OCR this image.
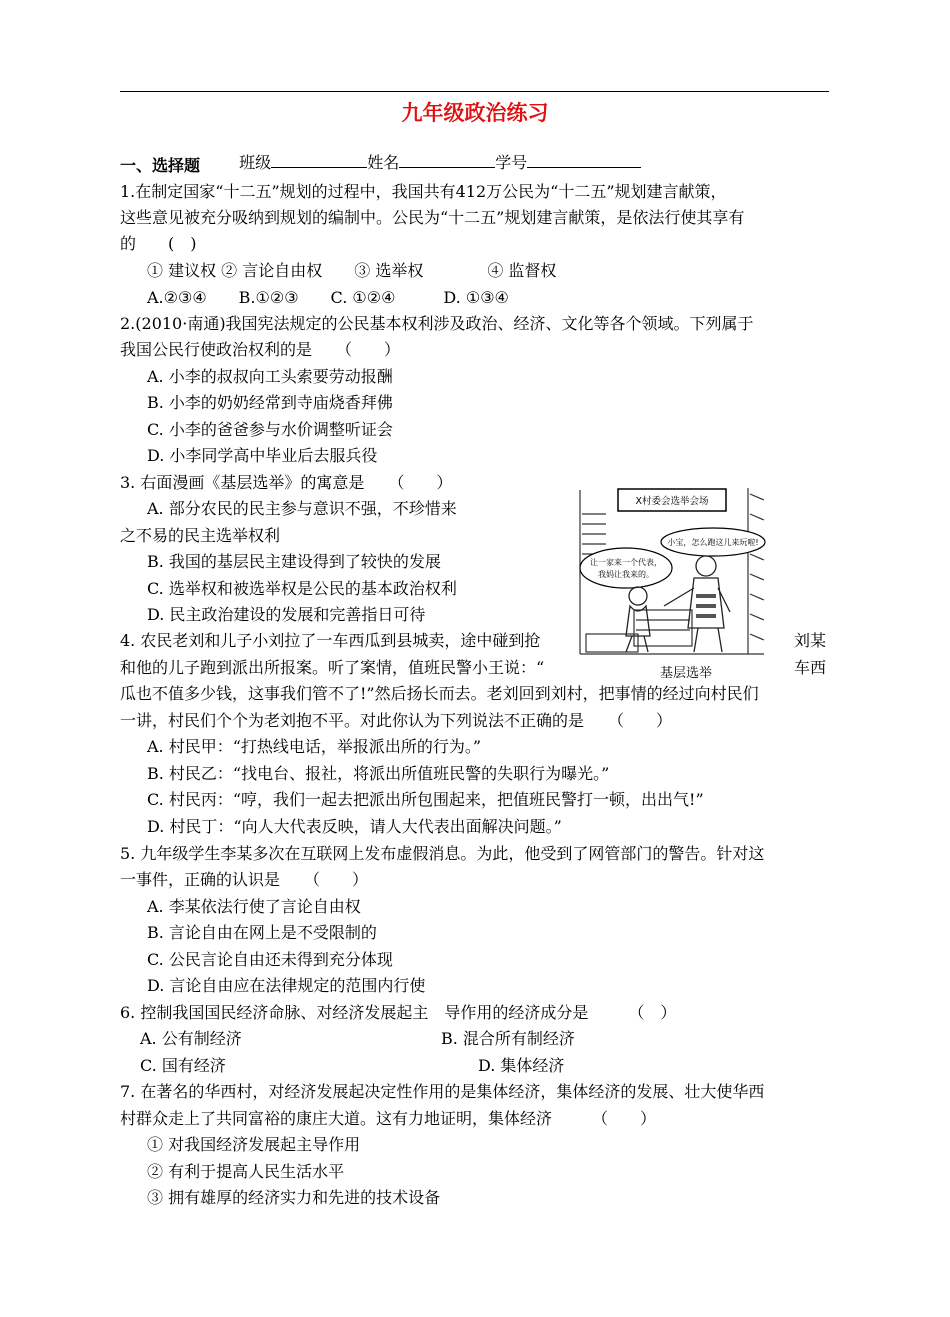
九年级政治练习

班级	姓名	学号

一、选择题
1.在制定国家“十二五”规划的过程中，我国共有412万公民为“十二五”规划建言献策，
这些意见被充分吸纳到规划的编制中。公民为“十二五”规划建言献策，是依法行使其享有
的　　(　)
① 建议权 ② 言论自由权　　③ 选举权　　　　④ 监督权
A.②③④　　B.①②③　　C. ①②④　　　D. ①③④
2.(2010·南通)我国宪法规定的公民基本权利涉及政治、经济、文化等各个领域。下列属于
我国公民行使政治权利的是　　（　　）
A. 小李的叔叔向工头索要劳动报酬
B. 小李的奶奶经常到寺庙烧香拜佛
C. 小李的爸爸参与水价调整听证会
D. 小李同学高中毕业后去服兵役
3. 右面漫画《基层选举》的寓意是　　（　　）
A. 部分农民的民主参与意识不强，不珍惜来
之不易的民主选举权利
B. 我国的基层民主建设得到了较快的发展
C. 选举权和被选举权是公民的基本政治权利
D. 民主政治建设的发展和完善指日可待
X村委会选举会场
小宝，怎么跑这儿来玩啦!
让一家来一个代表，
我妈让我来的。
基层选举
4. 农民老刘和儿子小刘拉了一车西瓜到县城卖，途中碰到抢	刘某
和他的儿子跑到派出所报案。听了案情，值班民警小王说：“	车西
瓜也不值多少钱，这事我们管不了!”然后扬长而去。老刘回到刘村，把事情的经过向村民们
一讲，村民们个个为老刘抱不平。对此你认为下列说法不正确的是　　（　　）
A. 村民甲：“打热线电话，举报派出所的行为。”
B. 村民乙：“找电台、报社，将派出所值班民警的失职行为曝光。”
C. 村民丙：“哼，我们一起去把派出所包围起来，把值班民警打一顿，出出气!”
D. 村民丁：“向人大代表反映，请人大代表出面解决问题。”
5. 九年级学生李某多次在互联网上发布虚假消息。为此，他受到了网管部门的警告。针对这
一事件，正确的认识是　　（　　）
A. 李某依法行使了言论自由权
B. 言论自由在网上是不受限制的
C. 公民言论自由还未得到充分体现
D. 言论自由应在法律规定的范围内行使
6. 控制我国国民经济命脉、对经济发展起主　导作用的经济成分是　　　（　）
A. 公有制经济	B. 混合所有制经济
C. 国有经济	D. 集体经济
7. 在著名的华西村，对经济发展起决定性作用的是集体经济，集体经济的发展、壮大使华西
村群众走上了共同富裕的康庄大道。这有力地证明，集体经济　　　（　　）
① 对我国经济发展起主导作用
② 有利于提高人民生活水平
③ 拥有雄厚的经济实力和先进的技术设备
